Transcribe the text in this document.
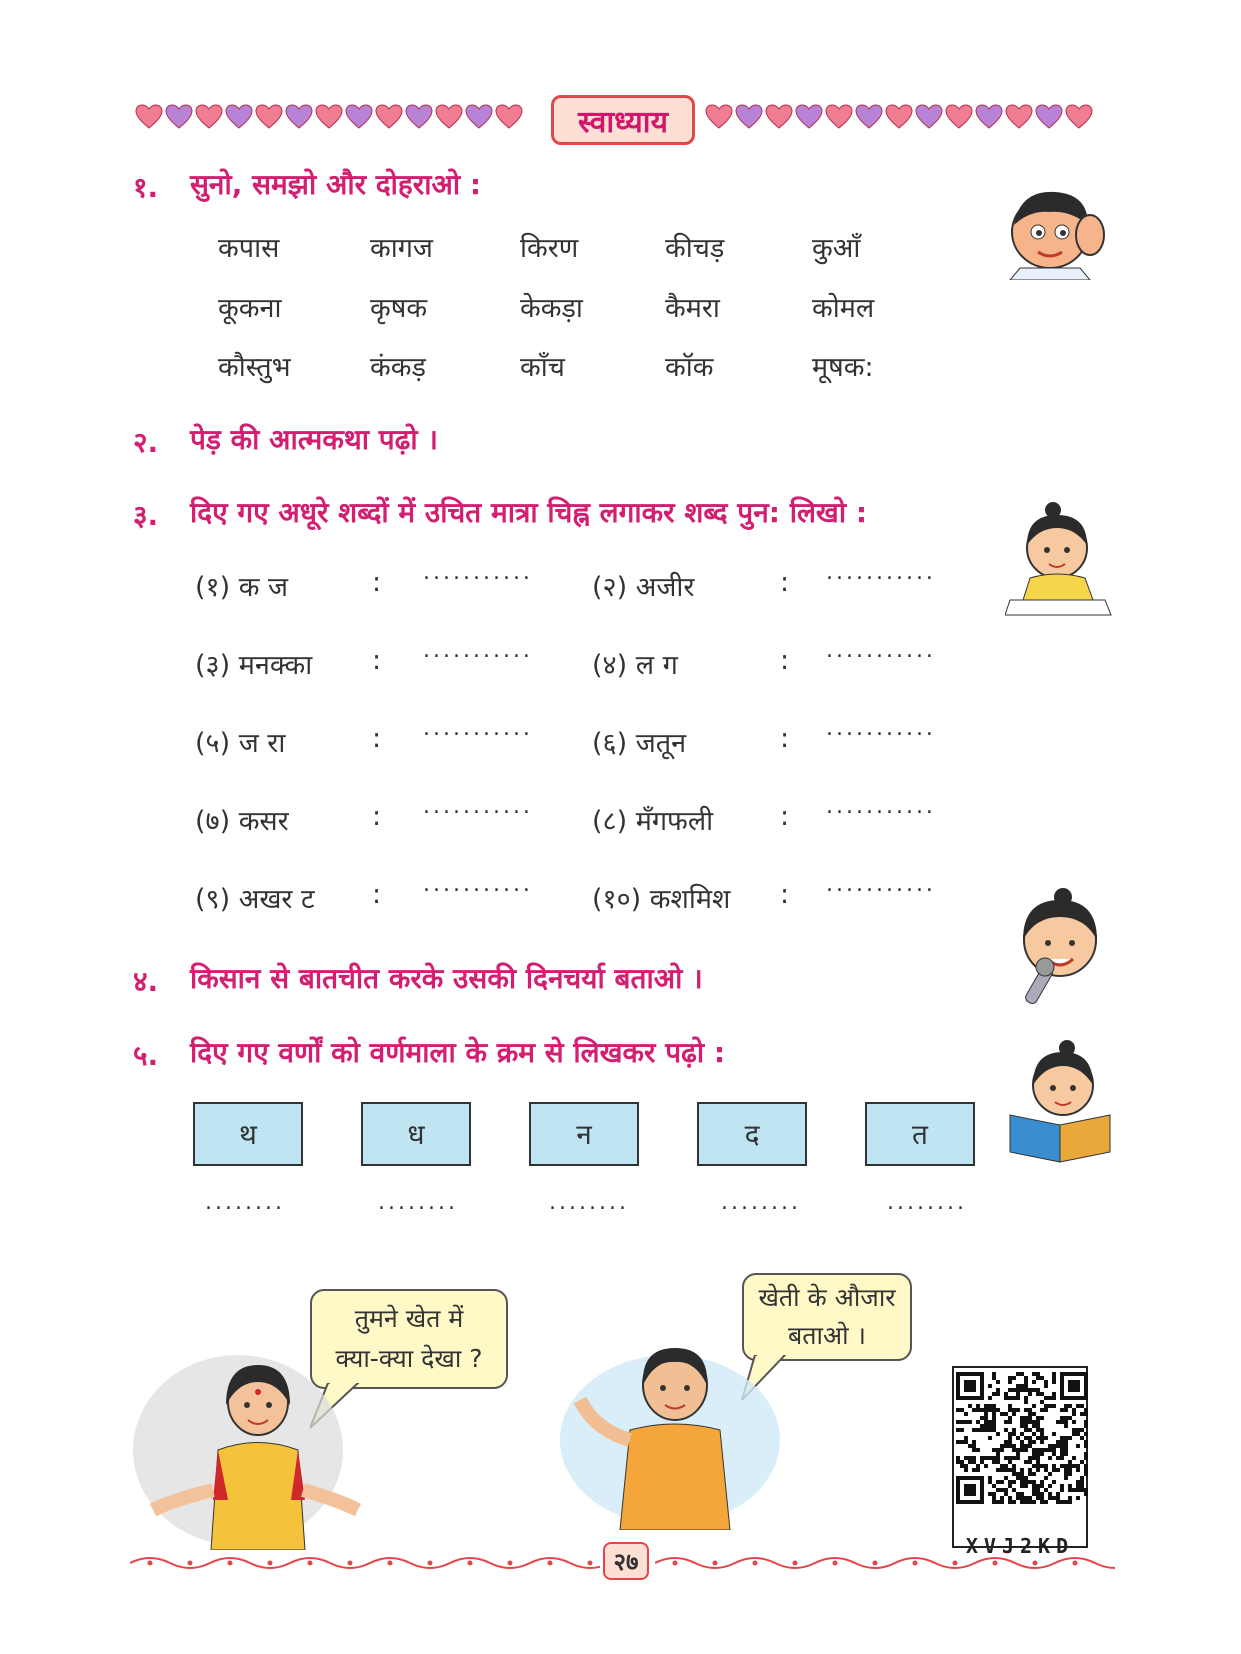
स्वाध्याय
१. सुनो, समझो और दोहराओ :
कपास	कागज	किरण	कीचड़	कुआँ
कूकना	कृषक	केकड़ा	कैमरा	कोमल
कौस्तुभ	कंकड़	काँच	कॉक	मूषक:
२. पेड़ की आत्मकथा पढ़ो ।
३. दिए गए अधूरे शब्दों में उचित मात्रा चिह्न लगाकर शब्द पुन: लिखो :
(१) क ज	: ........... (२) अजीर	: ...........
(३) मनक्का : ........... (४) ल ग	: ...........
(५) ज रा	: ........... (६) जतून	: ...........
(७) कसर	: ........... (८) मँगफली : ...........
(९) अखर ट : ........... (१०) कशमिश : ...........
४. किसान से बातचीत करके उसकी दिनचर्या बताओ ।
५. दिए गए वर्णों को वर्णमाला के क्रम से लिखकर पढ़ो :
थ	ध	न	द	त
........	........	........	........	........
तुमने खेत में
क्या-क्या देखा ?
खेती के औजार
बताओ ।
XVJ2KD
२७
